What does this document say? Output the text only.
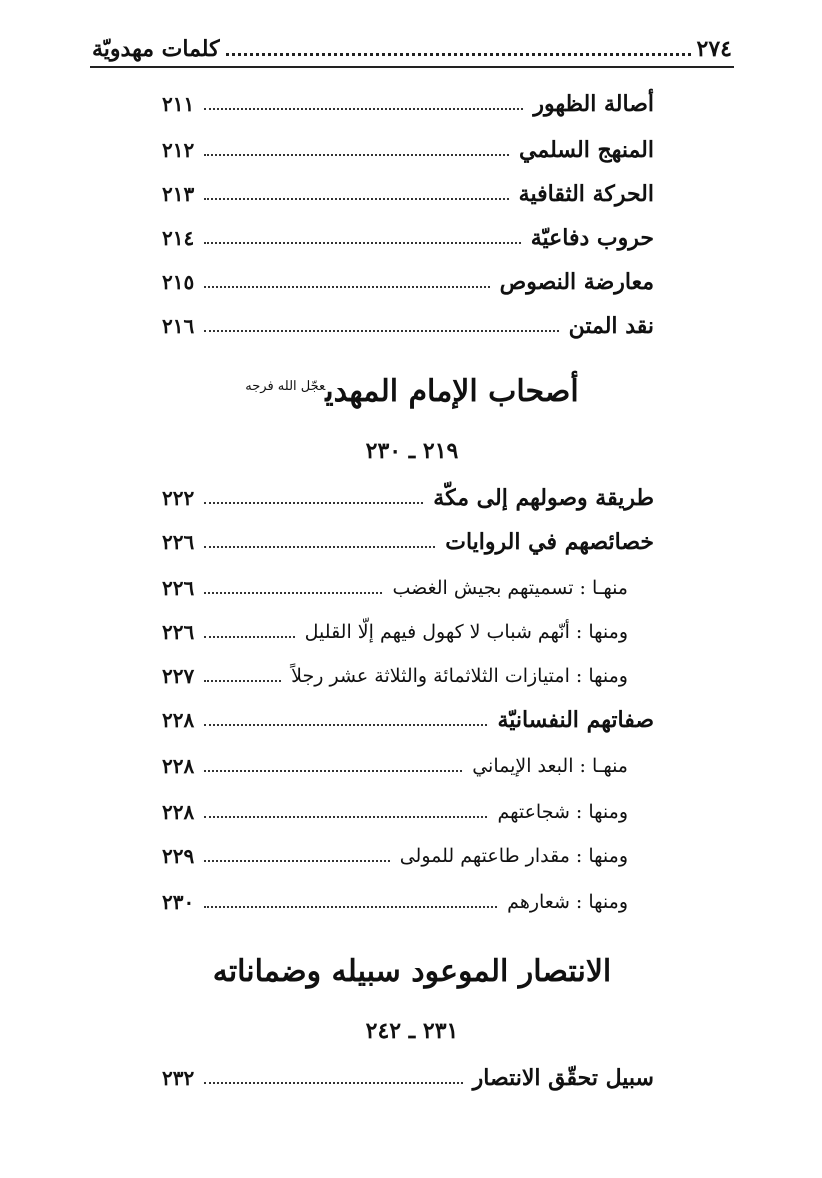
٢٧٤
كلمات مهدويّة
أصالة الظهور
٢١١
المنهج السلمي
٢١٢
الحركة الثقافية
٢١٣
حروب دفاعيّة
٢١٤
معارضة النصوص
٢١٥
نقد المتن
٢١٦
أصحاب الإمام المهدي$^{عجّل الله فرجه}$
٢١٩ ـ ٢٣٠
طريقة وصولهم إلى مكّة
٢٢٢
خصائصهم في الروايات
٢٢٦
منهـا : تسميتهم بجيش الغضب
٢٢٦
ومنها : أنّهم شباب لا كهول فيهم إلّا القليل
٢٢٦
ومنها : امتيازات الثلاثمائة والثلاثة عشر رجلاً
٢٢٧
صفاتهم النفسانيّة
٢٢٨
منهـا : البعد الإيماني
٢٢٨
ومنها : شجاعتهم
٢٢٨
ومنها : مقدار طاعتهم للمولى
٢٢٩
ومنها : شعارهم
٢٣٠
الانتصار الموعود سبيله وضماناته
٢٣١ ـ ٢٤٢
سبيل تحقّق الانتصار
٢٣٢
